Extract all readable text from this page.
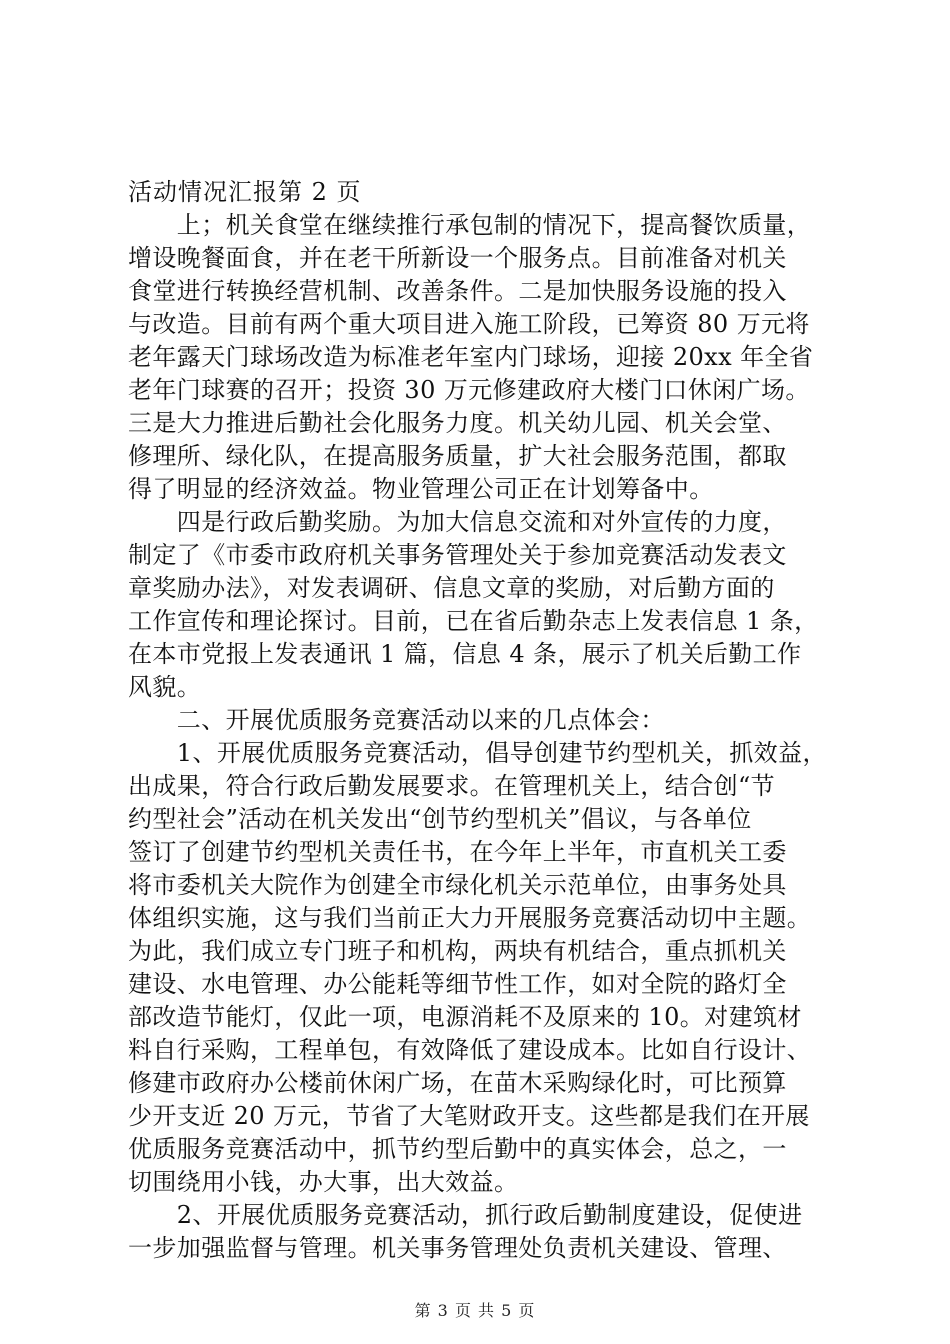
活动情况汇报第 2 页
　　上；机关食堂在继续推行承包制的情况下，提高餐饮质量，
增设晚餐面食，并在老干所新设一个服务点。目前准备对机关
食堂进行转换经营机制、改善条件。二是加快服务设施的投入
与改造。目前有两个重大项目进入施工阶段，已筹资 80 万元将
老年露天门球场改造为标准老年室内门球场，迎接 20xx 年全省
老年门球赛的召开；投资 30 万元修建政府大楼门口休闲广场。
三是大力推进后勤社会化服务力度。机关幼儿园、机关会堂、
修理所、绿化队，在提高服务质量，扩大社会服务范围，都取
得了明显的经济效益。物业管理公司正在计划筹备中。
　　四是行政后勤奖励。为加大信息交流和对外宣传的力度，
制定了《市委市政府机关事务管理处关于参加竞赛活动发表文
章奖励办法》，对发表调研、信息文章的奖励，对后勤方面的
工作宣传和理论探讨。目前，已在省后勤杂志上发表信息 1 条，
在本市党报上发表通讯 1 篇，信息 4 条，展示了机关后勤工作
风貌。
　　二、开展优质服务竞赛活动以来的几点体会：
　　1、开展优质服务竞赛活动，倡导创建节约型机关，抓效益，
出成果，符合行政后勤发展要求。在管理机关上，结合创“节
约型社会”活动在机关发出“创节约型机关”倡议，与各单位
签订了创建节约型机关责任书，在今年上半年，市直机关工委
将市委机关大院作为创建全市绿化机关示范单位，由事务处具
体组织实施，这与我们当前正大力开展服务竞赛活动切中主题。
为此，我们成立专门班子和机构，两块有机结合，重点抓机关
建设、水电管理、办公能耗等细节性工作，如对全院的路灯全
部改造节能灯，仅此一项，电源消耗不及原来的 10。对建筑材
料自行采购，工程单包，有效降低了建设成本。比如自行设计、
修建市政府办公楼前休闲广场，在苗木采购绿化时，可比预算
少开支近 20 万元，节省了大笔财政开支。这些都是我们在开展
优质服务竞赛活动中，抓节约型后勤中的真实体会，总之，一
切围绕用小钱，办大事，出大效益。
　　2、开展优质服务竞赛活动，抓行政后勤制度建设，促使进
一步加强监督与管理。机关事务管理处负责机关建设、管理、
第 3 页 共 5 页
